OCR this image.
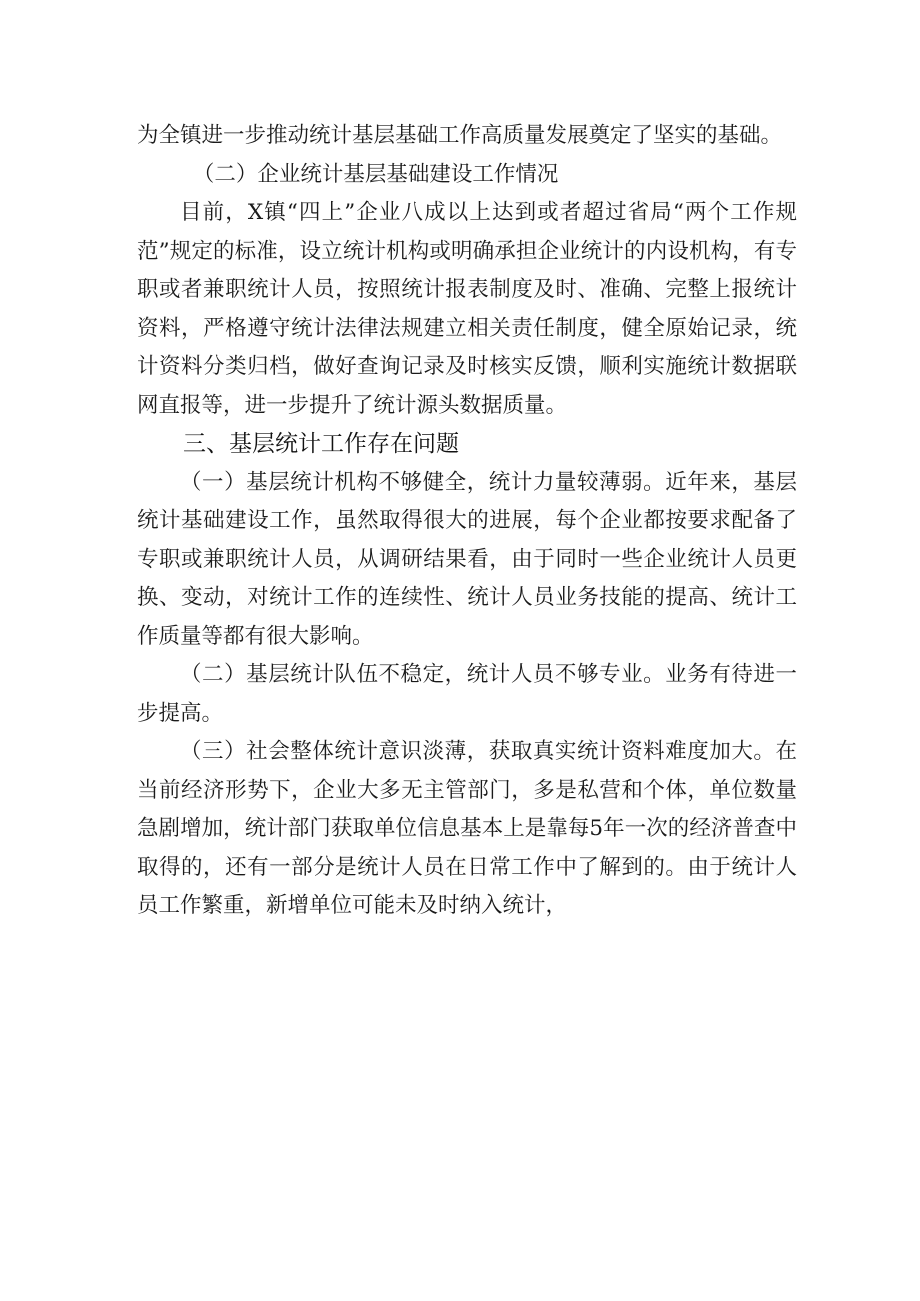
为全镇进一步推动统计基层基础工作高质量发展奠定了坚实的基础。

（二）企业统计基层基础建设工作情况

目前，X镇“四上”企业八成以上达到或者超过省局“两个工作规范”规定的标准，设立统计机构或明确承担企业统计的内设机构，有专职或者兼职统计人员，按照统计报表制度及时、准确、完整上报统计资料，严格遵守统计法律法规建立相关责任制度，健全原始记录，统计资料分类归档，做好查询记录及时核实反馈，顺利实施统计数据联网直报等，进一步提升了统计源头数据质量。

三、基层统计工作存在问题

（一）基层统计机构不够健全，统计力量较薄弱。近年来，基层统计基础建设工作，虽然取得很大的进展，每个企业都按要求配备了专职或兼职统计人员，从调研结果看，由于同时一些企业统计人员更换、变动，对统计工作的连续性、统计人员业务技能的提高、统计工作质量等都有很大影响。

（二）基层统计队伍不稳定，统计人员不够专业。业务有待进一步提高。

（三）社会整体统计意识淡薄，获取真实统计资料难度加大。在当前经济形势下，企业大多无主管部门，多是私营和个体，单位数量急剧增加，统计部门获取单位信息基本上是靠每5年一次的经济普查中取得的，还有一部分是统计人员在日常工作中了解到的。由于统计人员工作繁重，新增单位可能未及时纳入统计，
